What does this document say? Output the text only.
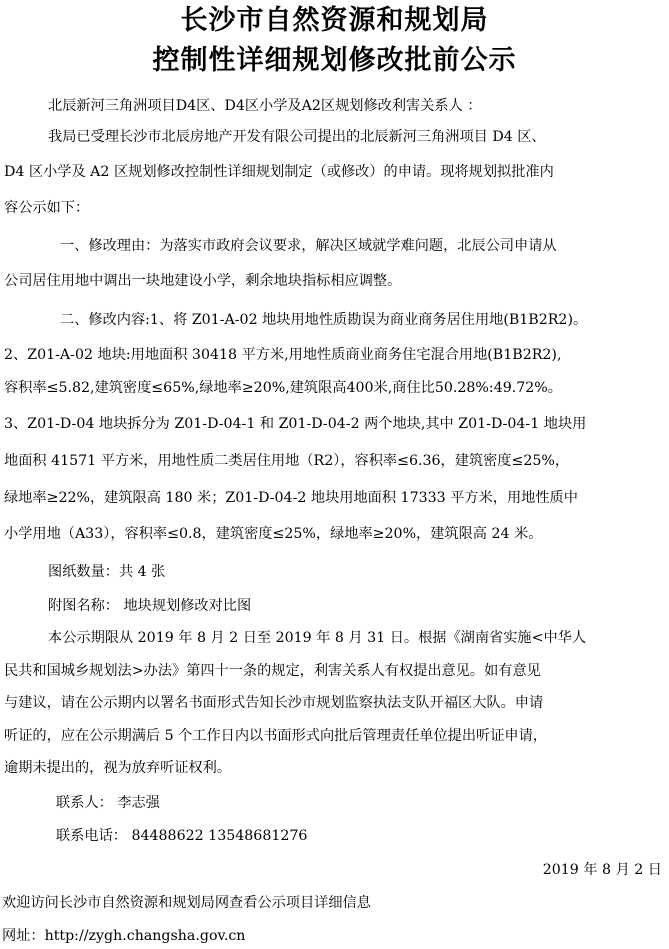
长沙市自然资源和规划局
控制性详细规划修改批前公示
北辰新河三角洲项目D4区、D4区小学及A2区规划修改利害关系人 ：
我局已受理长沙市北辰房地产开发有限公司提出的北辰新河三角洲项目 D4 区、
D4 区小学及 A2 区规划修改控制性详细规划制定（或修改）的申请。现将规划拟批准内
容公示如下：
一、修改理由：为落实市政府会议要求，解决区域就学难问题，北辰公司申请从
公司居住用地中调出一块地建设小学，剩余地块指标相应调整。
二、修改内容:1、将 Z01-A-02 地块用地性质勘误为商业商务居住用地(B1B2R2)。
2、Z01-A-02 地块:用地面积 30418 平方米,用地性质商业商务住宅混合用地(B1B2R2),
容积率≤5.82,建筑密度≤65%,绿地率≥20%,建筑限高400米,商住比50.28%:49.72%。
3、Z01-D-04 地块拆分为 Z01-D-04-1 和 Z01-D-04-2 两个地块,其中 Z01-D-04-1 地块用
地面积 41571 平方米，用地性质二类居住用地（R2），容积率≤6.36，建筑密度≤25%，
绿地率≥22%，建筑限高 180 米；Z01-D-04-2 地块用地面积 17333 平方米，用地性质中
小学用地（A33），容积率≤0.8，建筑密度≤25%，绿地率≥20%，建筑限高 24 米。
图纸数量：共 4 张
附图名称： 地块规划修改对比图
本公示期限从 2019 年 8 月 2 日至 2019 年 8 月 31 日。根据《湖南省实施<中华人
民共和国城乡规划法>办法》第四十一条的规定，利害关系人有权提出意见。如有意见
与建议，请在公示期内以署名书面形式告知长沙市规划监察执法支队开福区大队。申请
听证的，应在公示期满后 5 个工作日内以书面形式向批后管理责任单位提出听证申请，
逾期未提出的，视为放弃听证权利。
联系人： 李志强
联系电话： 84488622 13548681276
2019 年 8 月 2 日
欢迎访问长沙市自然资源和规划局网查看公示项目详细信息
网址：http://zygh.changsha.gov.cn
